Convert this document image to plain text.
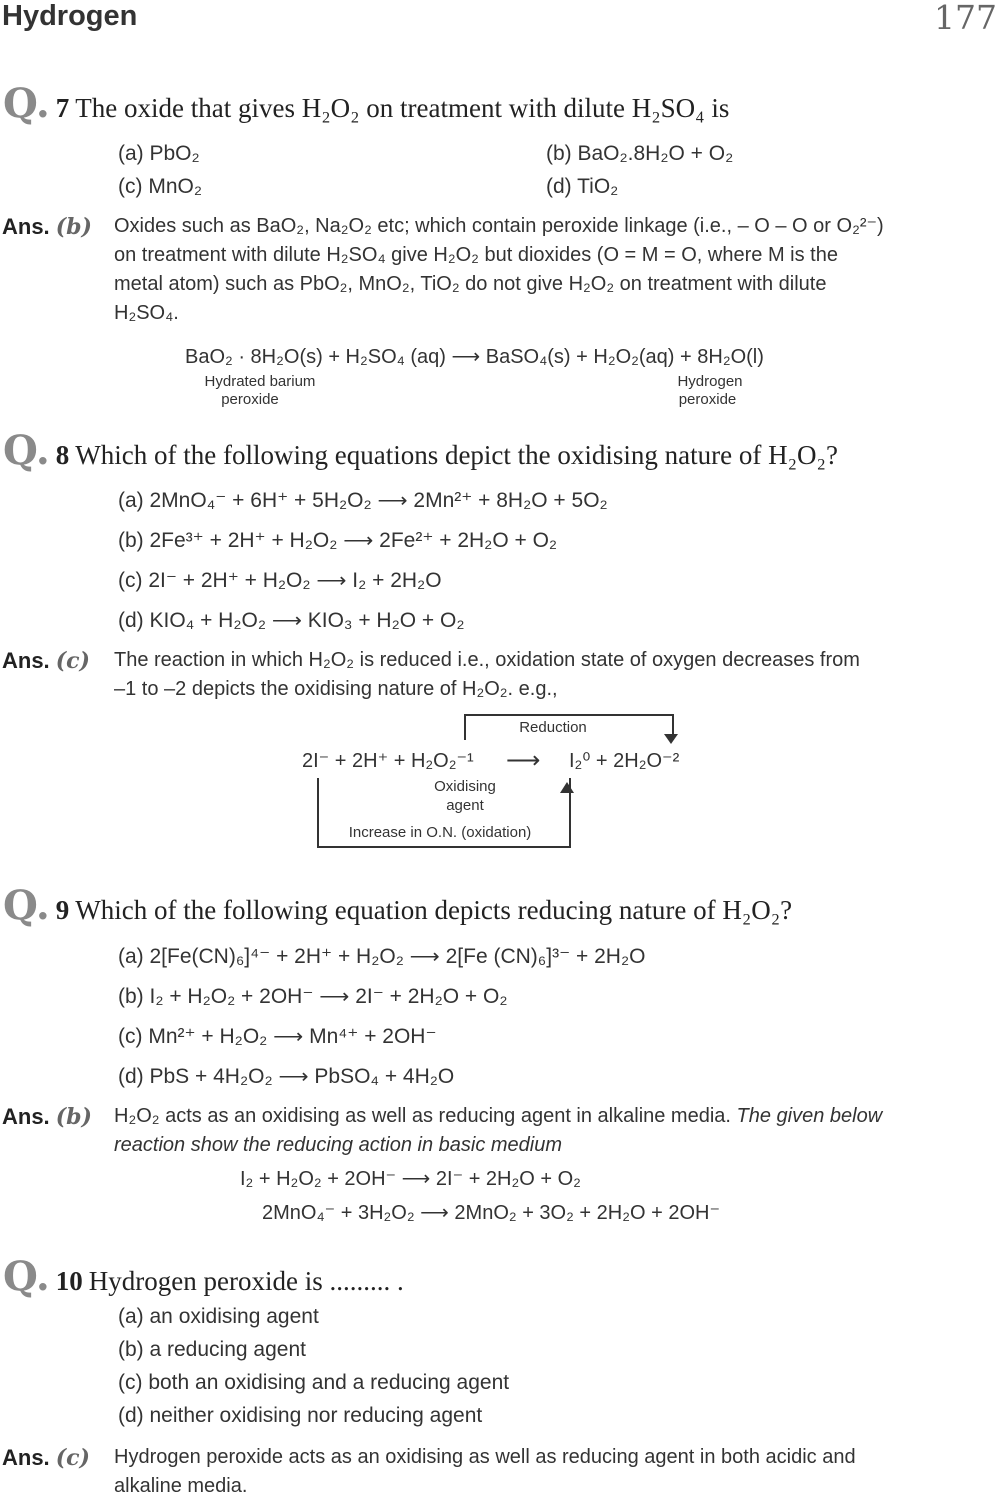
Hydrogen	177
Q. 7 The oxide that gives H₂O₂ on treatment with dilute H₂SO₄ is
(a) PbO₂	(b) BaO₂.8H₂O + O₂
(c) MnO₂	(d) TiO₂
Ans. (b) Oxides such as BaO₂, Na₂O₂ etc; which contain peroxide linkage (i.e., – O – O or O₂²⁻)
on treatment with dilute H₂SO₄ give H₂O₂ but dioxides (O = M = O, where M is the
metal atom) such as PbO₂, MnO₂, TiO₂ do not give H₂O₂ on treatment with dilute
H₂SO₄.
BaO₂ · 8H₂O(s) + H₂SO₄ (aq) ⟶ BaSO₄(s) + H₂O₂(aq) + 8H₂O(l)
Hydrated barium
peroxide
Hydrogen
peroxide
Q. 8 Which of the following equations depict the oxidising nature of H₂O₂?
(a) 2MnO₄⁻ + 6H⁺ + 5H₂O₂ ⟶ 2Mn²⁺ + 8H₂O + 5O₂
(b) 2Fe³⁺ + 2H⁺ + H₂O₂ ⟶ 2Fe²⁺ + 2H₂O + O₂
(c) 2I⁻ + 2H⁺ + H₂O₂ ⟶ I₂ + 2H₂O
(d) KIO₄ + H₂O₂ ⟶ KIO₃ + H₂O + O₂
Ans. (c) The reaction in which H₂O₂ is reduced i.e., oxidation state of oxygen decreases from
–1 to –2 depicts the oxidising nature of H₂O₂. e.g.,
Reduction
2I⁻ + 2H⁺ + H₂O₂⁻¹ ⟶ I₂⁰ + 2H₂O⁻²
Oxidising
agent
Increase in O.N. (oxidation)
Q. 9 Which of the following equation depicts reducing nature of H₂O₂?
(a) 2[Fe(CN)₆]⁴⁻ + 2H⁺ + H₂O₂ ⟶ 2[Fe (CN)₆]³⁻ + 2H₂O
(b) I₂ + H₂O₂ + 2OH⁻ ⟶ 2I⁻ + 2H₂O + O₂
(c) Mn²⁺ + H₂O₂ ⟶ Mn⁴⁺ + 2OH⁻
(d) PbS + 4H₂O₂ ⟶ PbSO₄ + 4H₂O
Ans. (b) H₂O₂ acts as an oxidising as well as reducing agent in alkaline media. The given below
reaction show the reducing action in basic medium
I₂ + H₂O₂ + 2OH⁻ ⟶ 2I⁻ + 2H₂O + O₂
2MnO₄⁻ + 3H₂O₂ ⟶ 2MnO₂ + 3O₂ + 2H₂O + 2OH⁻
Q. 10 Hydrogen peroxide is ......... .
(a) an oxidising agent
(b) a reducing agent
(c) both an oxidising and a reducing agent
(d) neither oxidising nor reducing agent
Ans. (c) Hydrogen peroxide acts as an oxidising as well as reducing agent in both acidic and
alkaline media.
